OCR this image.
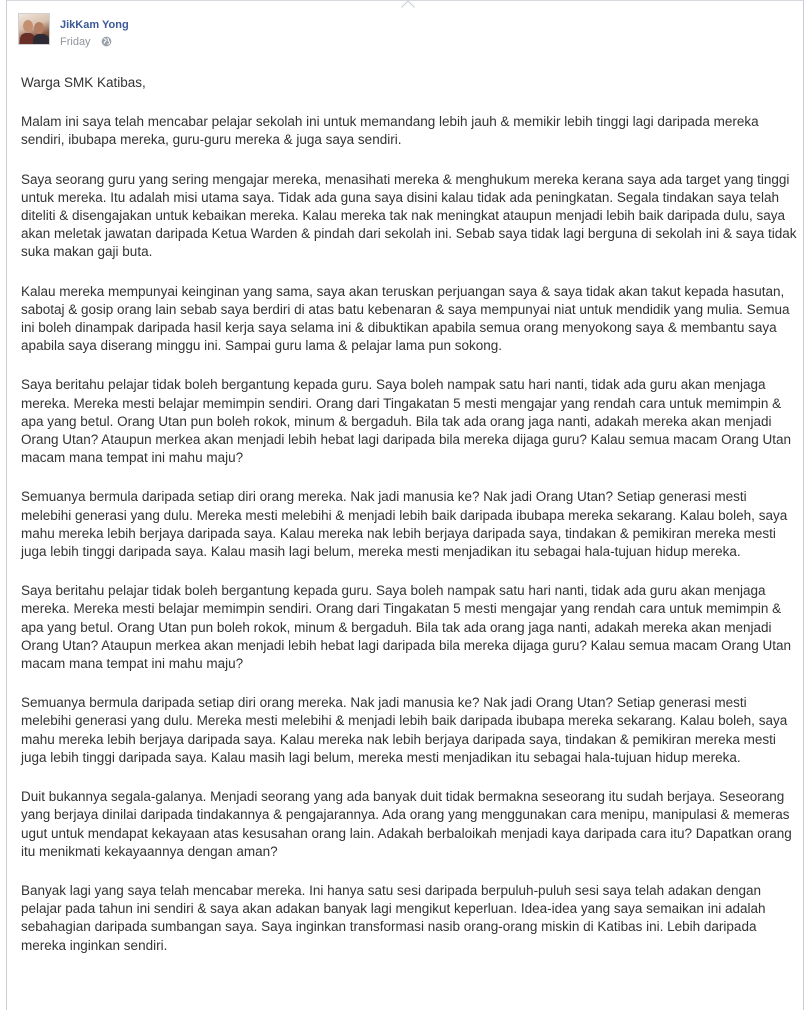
JikKam Yong
Friday

Warga SMK Katibas,

Malam ini saya telah mencabar pelajar sekolah ini untuk memandang lebih jauh & memikir lebih tinggi lagi daripada mereka sendiri, ibubapa mereka, guru-guru mereka & juga saya sendiri.

Saya seorang guru yang sering mengajar mereka, menasihati mereka & menghukum mereka kerana saya ada target yang tinggi untuk mereka. Itu adalah misi utama saya. Tidak ada guna saya disini kalau tidak ada peningkatan. Segala tindakan saya telah diteliti & disengajakan untuk kebaikan mereka. Kalau mereka tak nak meningkat ataupun menjadi lebih baik daripada dulu, saya akan meletak jawatan daripada Ketua Warden & pindah dari sekolah ini. Sebab saya tidak lagi berguna di sekolah ini & saya tidak suka makan gaji buta.

Kalau mereka mempunyai keinginan yang sama, saya akan teruskan perjuangan saya & saya tidak akan takut kepada hasutan, sabotaj & gosip orang lain sebab saya berdiri di atas batu kebenaran & saya mempunyai niat untuk mendidik yang mulia. Semua ini boleh dinampak daripada hasil kerja saya selama ini & dibuktikan apabila semua orang menyokong saya & membantu saya apabila saya diserang minggu ini. Sampai guru lama & pelajar lama pun sokong.

Saya beritahu pelajar tidak boleh bergantung kepada guru. Saya boleh nampak satu hari nanti, tidak ada guru akan menjaga mereka. Mereka mesti belajar memimpin sendiri. Orang dari Tingakatan 5 mesti mengajar yang rendah cara untuk memimpin & apa yang betul. Orang Utan pun boleh rokok, minum & bergaduh. Bila tak ada orang jaga nanti, adakah mereka akan menjadi Orang Utan? Ataupun merkea akan menjadi lebih hebat lagi daripada bila mereka dijaga guru? Kalau semua macam Orang Utan macam mana tempat ini mahu maju?

Semuanya bermula daripada setiap diri orang mereka. Nak jadi manusia ke? Nak jadi Orang Utan? Setiap generasi mesti melebihi generasi yang dulu. Mereka mesti melebihi & menjadi lebih baik daripada ibubapa mereka sekarang. Kalau boleh, saya mahu mereka lebih berjaya daripada saya. Kalau mereka nak lebih berjaya daripada saya, tindakan & pemikiran mereka mesti juga lebih tinggi daripada saya. Kalau masih lagi belum, mereka mesti menjadikan itu sebagai hala-tujuan hidup mereka.

Saya beritahu pelajar tidak boleh bergantung kepada guru. Saya boleh nampak satu hari nanti, tidak ada guru akan menjaga mereka. Mereka mesti belajar memimpin sendiri. Orang dari Tingakatan 5 mesti mengajar yang rendah cara untuk memimpin & apa yang betul. Orang Utan pun boleh rokok, minum & bergaduh. Bila tak ada orang jaga nanti, adakah mereka akan menjadi Orang Utan? Ataupun merkea akan menjadi lebih hebat lagi daripada bila mereka dijaga guru? Kalau semua macam Orang Utan macam mana tempat ini mahu maju?

Semuanya bermula daripada setiap diri orang mereka. Nak jadi manusia ke? Nak jadi Orang Utan? Setiap generasi mesti melebihi generasi yang dulu. Mereka mesti melebihi & menjadi lebih baik daripada ibubapa mereka sekarang. Kalau boleh, saya mahu mereka lebih berjaya daripada saya. Kalau mereka nak lebih berjaya daripada saya, tindakan & pemikiran mereka mesti juga lebih tinggi daripada saya. Kalau masih lagi belum, mereka mesti menjadikan itu sebagai hala-tujuan hidup mereka.

Duit bukannya segala-galanya. Menjadi seorang yang ada banyak duit tidak bermakna seseorang itu sudah berjaya. Seseorang yang berjaya dinilai daripada tindakannya & pengajarannya. Ada orang yang menggunakan cara menipu, manipulasi & memeras ugut untuk mendapat kekayaan atas kesusahan orang lain. Adakah berbaloikah menjadi kaya daripada cara itu? Dapatkan orang itu menikmati kekayaannya dengan aman?

Banyak lagi yang saya telah mencabar mereka. Ini hanya satu sesi daripada berpuluh-puluh sesi saya telah adakan dengan pelajar pada tahun ini sendiri & saya akan adakan banyak lagi mengikut keperluan. Idea-idea yang saya semaikan ini adalah sebahagian daripada sumbangan saya. Saya inginkan transformasi nasib orang-orang miskin di Katibas ini. Lebih daripada mereka inginkan sendiri.
